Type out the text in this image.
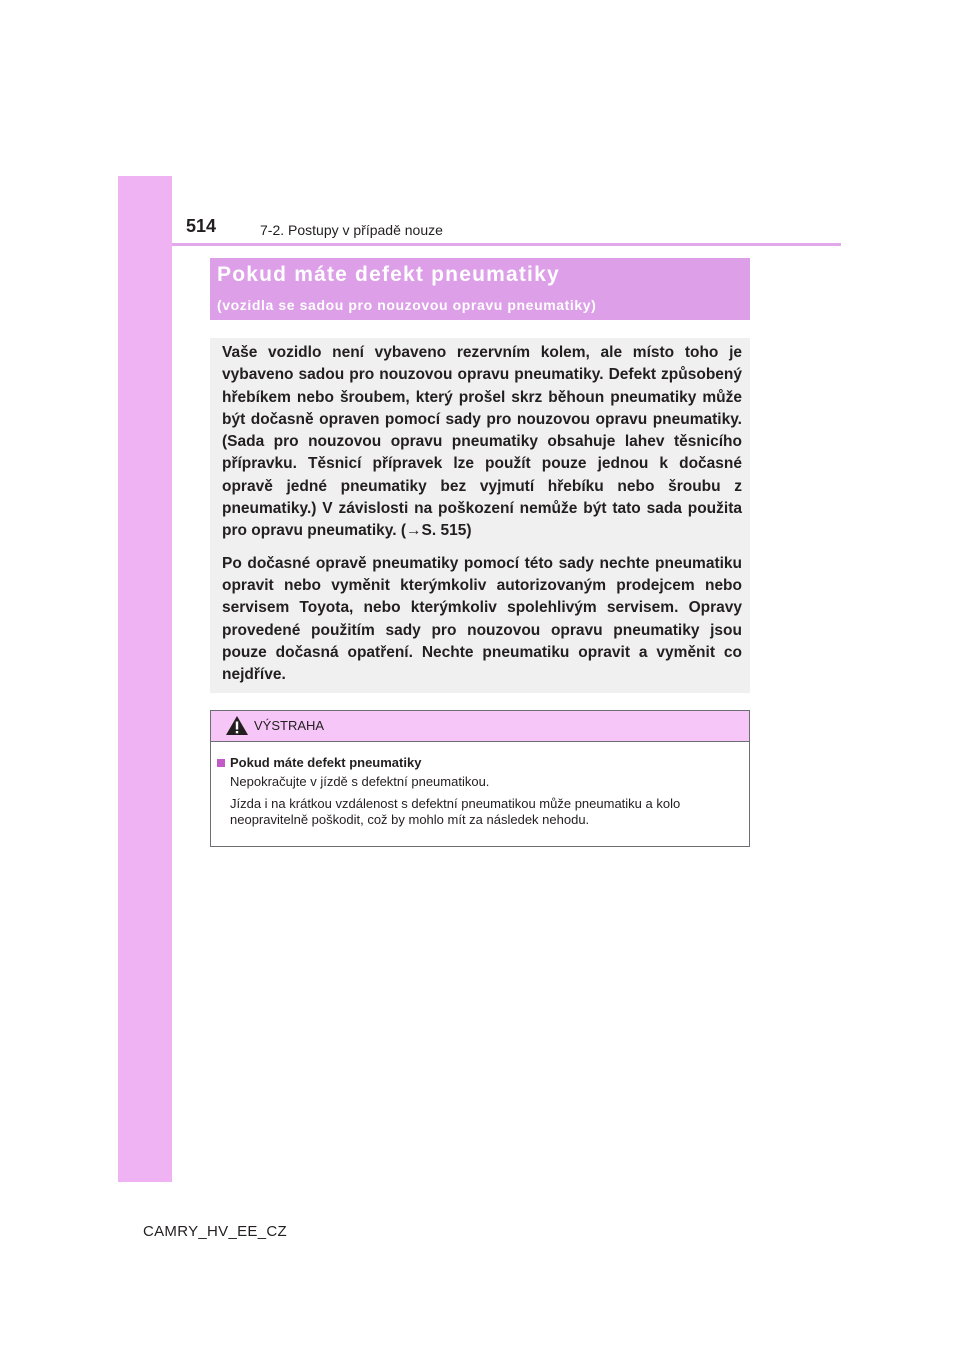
514	7-2. Postupy v případě nouze
Pokud máte defekt pneumatiky
(vozidla se sadou pro nouzovou opravu pneumatiky)

Vaše vozidlo není vybaveno rezervním kolem, ale místo toho je vybaveno sadou pro nouzovou opravu pneumatiky. Defekt způsobený hřebíkem nebo šroubem, který prošel skrz běhoun pneumatiky může být dočasně opraven pomocí sady pro nouzovou opravu pneumatiky. (Sada pro nouzovou opravu pneumatiky obsahuje lahev těsnicího přípravku. Těsnicí přípravek lze použít pouze jednou k dočasné opravě jedné pneumatiky bez vyjmutí hřebíku nebo šroubu z pneumatiky.) V závislosti na poškození nemůže být tato sada použita pro opravu pneumatiky. (→S. 515)

Po dočasné opravě pneumatiky pomocí této sady nechte pneumatiku opravit nebo vyměnit kterýmkoliv autorizovaným prodejcem nebo servisem Toyota, nebo kterýmkoliv spolehlivým servisem. Opravy provedené použitím sady pro nouzovou opravu pneumatiky jsou pouze dočasná opatření. Nechte pneumatiku opravit a vyměnit co nejdříve.

VÝSTRAHA
Pokud máte defekt pneumatiky
Nepokračujte v jízdě s defektní pneumatikou.
Jízda i na krátkou vzdálenost s defektní pneumatikou může pneumatiku a kolo neopravitelně poškodit, což by mohlo mít za následek nehodu.
CAMRY_HV_EE_CZ
